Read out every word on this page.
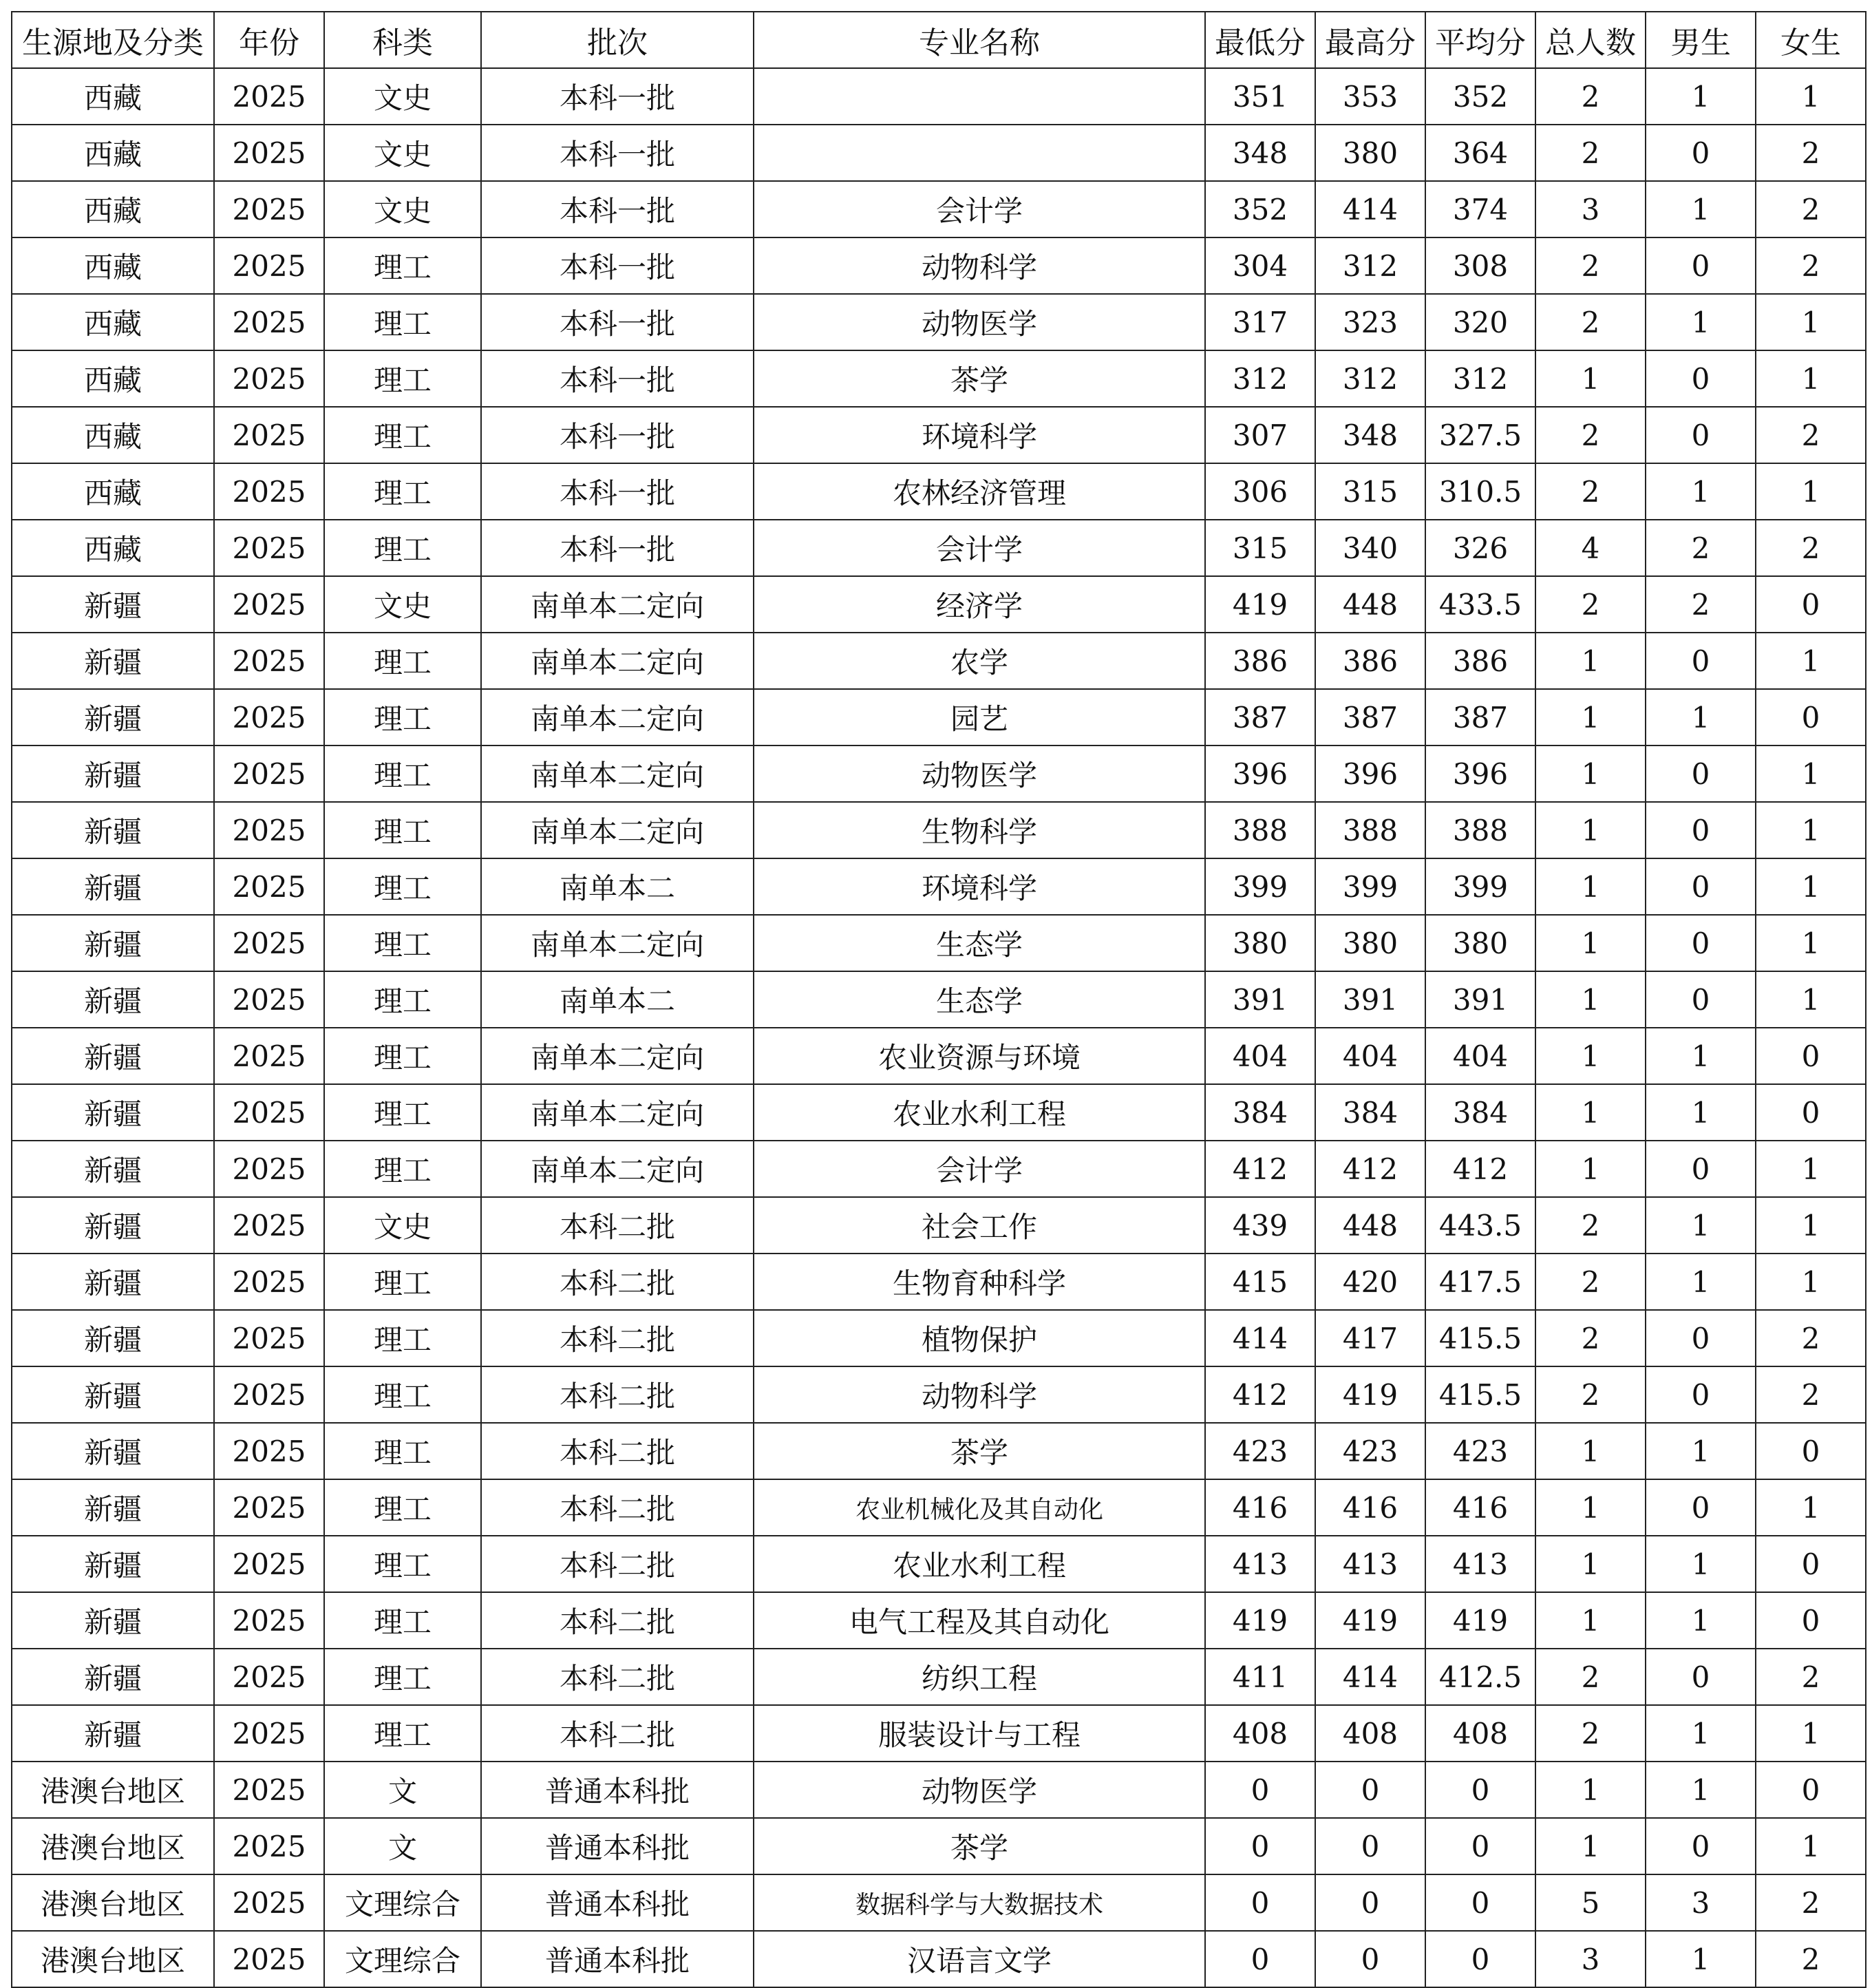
生源地及分类	年份	科类	批次	专业名称	最低分	最高分	平均分	总人数	男生	女生
西藏	2025	文史	本科一批		351	353	352	2	1	1
西藏	2025	文史	本科一批		348	380	364	2	0	2
西藏	2025	文史	本科一批	会计学	352	414	374	3	1	2
西藏	2025	理工	本科一批	动物科学	304	312	308	2	0	2
西藏	2025	理工	本科一批	动物医学	317	323	320	2	1	1
西藏	2025	理工	本科一批	茶学	312	312	312	1	0	1
西藏	2025	理工	本科一批	环境科学	307	348	327.5	2	0	2
西藏	2025	理工	本科一批	农林经济管理	306	315	310.5	2	1	1
西藏	2025	理工	本科一批	会计学	315	340	326	4	2	2
新疆	2025	文史	南单本二定向	经济学	419	448	433.5	2	2	0
新疆	2025	理工	南单本二定向	农学	386	386	386	1	0	1
新疆	2025	理工	南单本二定向	园艺	387	387	387	1	1	0
新疆	2025	理工	南单本二定向	动物医学	396	396	396	1	0	1
新疆	2025	理工	南单本二定向	生物科学	388	388	388	1	0	1
新疆	2025	理工	南单本二	环境科学	399	399	399	1	0	1
新疆	2025	理工	南单本二定向	生态学	380	380	380	1	0	1
新疆	2025	理工	南单本二	生态学	391	391	391	1	0	1
新疆	2025	理工	南单本二定向	农业资源与环境	404	404	404	1	1	0
新疆	2025	理工	南单本二定向	农业水利工程	384	384	384	1	1	0
新疆	2025	理工	南单本二定向	会计学	412	412	412	1	0	1
新疆	2025	文史	本科二批	社会工作	439	448	443.5	2	1	1
新疆	2025	理工	本科二批	生物育种科学	415	420	417.5	2	1	1
新疆	2025	理工	本科二批	植物保护	414	417	415.5	2	0	2
新疆	2025	理工	本科二批	动物科学	412	419	415.5	2	0	2
新疆	2025	理工	本科二批	茶学	423	423	423	1	1	0
新疆	2025	理工	本科二批	农业机械化及其自动化	416	416	416	1	0	1
新疆	2025	理工	本科二批	农业水利工程	413	413	413	1	1	0
新疆	2025	理工	本科二批	电气工程及其自动化	419	419	419	1	1	0
新疆	2025	理工	本科二批	纺织工程	411	414	412.5	2	0	2
新疆	2025	理工	本科二批	服装设计与工程	408	408	408	2	1	1
港澳台地区	2025	文	普通本科批	动物医学	0	0	0	1	1	0
港澳台地区	2025	文	普通本科批	茶学	0	0	0	1	0	1
港澳台地区	2025	文理综合	普通本科批	数据科学与大数据技术	0	0	0	5	3	2
港澳台地区	2025	文理综合	普通本科批	汉语言文学	0	0	0	3	1	2
